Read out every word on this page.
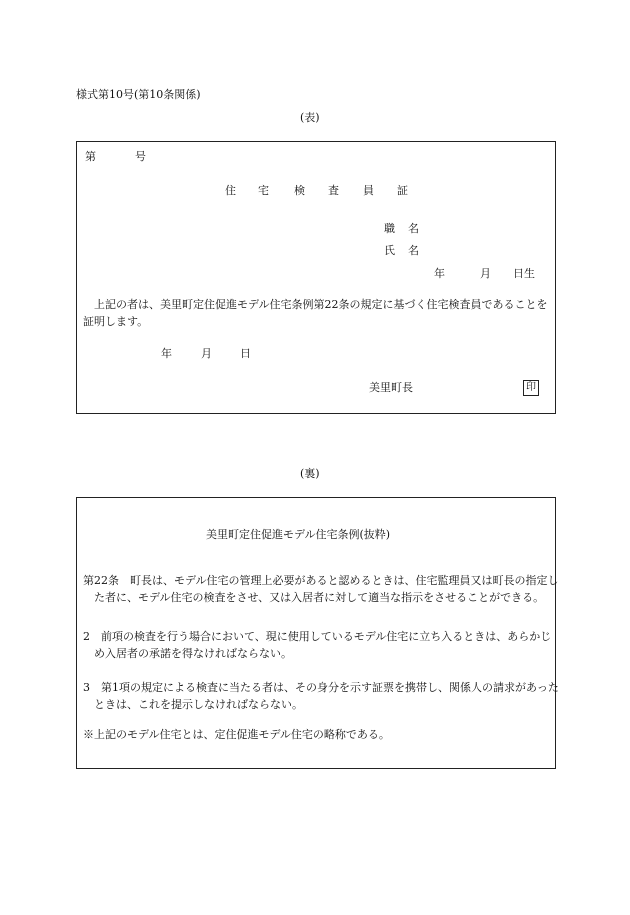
様式第10号(第10条関係)
(表)
第	号
住 宅 検 査 員 証
職 名
氏 名
年	月 日生
上記の者は、美里町定住促進モデル住宅条例第22条の規定に基づく住宅検査員であることを証明します。
年	月	日
美里町長	印
(裏)
美里町定住促進モデル住宅条例(抜粋)
第22条　 町長は、モデル住宅の管理上必要があると認めるときは、住宅監理員又は町長の指定した者に、モデル住宅の検査をさせ、又は入居者に対して適当な指示をさせることができる。
2　 前項の検査を行う場合において、現に使用しているモデル住宅に立ち入るときは、あらかじめ入居者の承諾を得なければならない。
3　 第1項の規定による検査に当たる者は、その身分を示す証票を携帯し、関係人の請求があったときは、これを提示しなければならない。
※上記のモデル住宅とは、定住促進モデル住宅の略称である。
